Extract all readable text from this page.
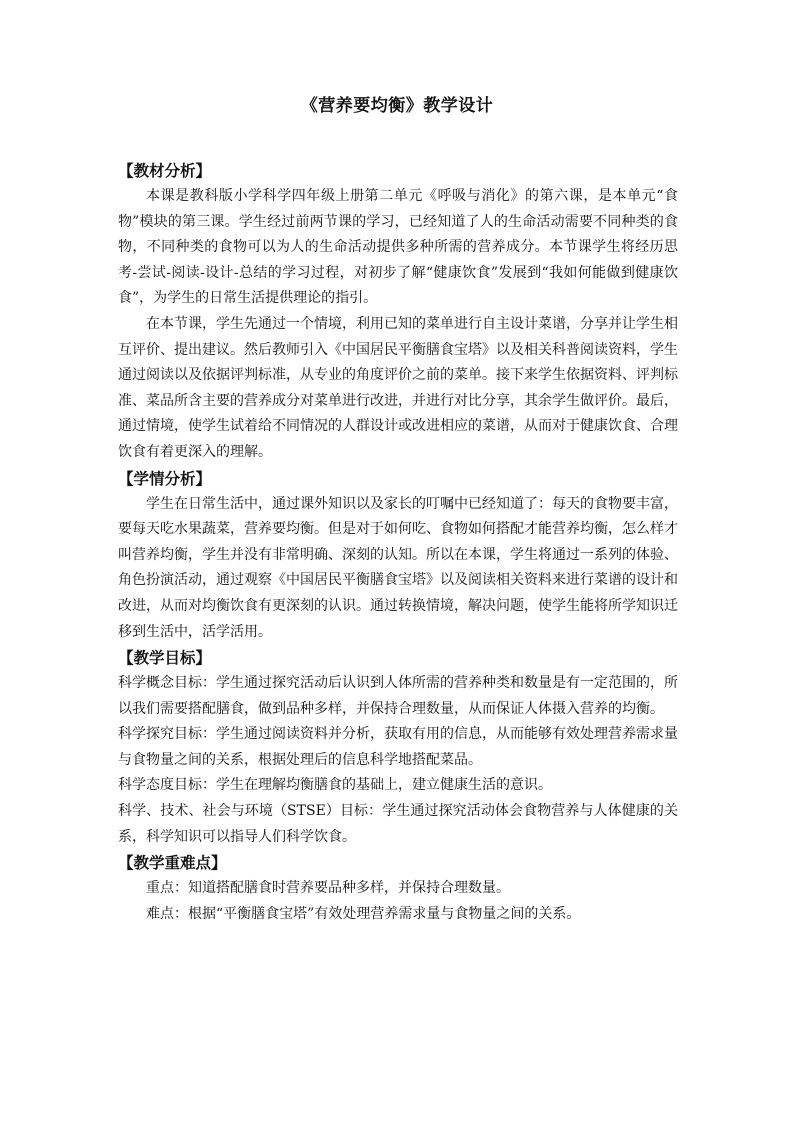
《营养要均衡》教学设计

【教材分析】

本课是教科版小学科学四年级上册第二单元《呼吸与消化》的第六课，是本单元“食物”模块的第三课。学生经过前两节课的学习，已经知道了人的生命活动需要不同种类的食物，不同种类的食物可以为人的生命活动提供多种所需的营养成分。本节课学生将经历思考-尝试-阅读-设计-总结的学习过程，对初步了解“健康饮食”发展到“我如何能做到健康饮食”，为学生的日常生活提供理论的指引。

在本节课，学生先通过一个情境，利用已知的菜单进行自主设计菜谱，分享并让学生相互评价、提出建议。然后教师引入《中国居民平衡膳食宝塔》以及相关科普阅读资料，学生通过阅读以及依据评判标准，从专业的角度评价之前的菜单。接下来学生依据资料、评判标准、菜品所含主要的营养成分对菜单进行改进，并进行对比分享，其余学生做评价。最后，通过情境，使学生试着给不同情况的人群设计或改进相应的菜谱，从而对于健康饮食、合理饮食有着更深入的理解。

【学情分析】

学生在日常生活中，通过课外知识以及家长的叮嘱中已经知道了：每天的食物要丰富，要每天吃水果蔬菜，营养要均衡。但是对于如何吃、食物如何搭配才能营养均衡，怎么样才叫营养均衡，学生并没有非常明确、深刻的认知。所以在本课，学生将通过一系列的体验、角色扮演活动，通过观察《中国居民平衡膳食宝塔》以及阅读相关资料来进行菜谱的设计和改进，从而对均衡饮食有更深刻的认识。通过转换情境，解决问题，使学生能将所学知识迁移到生活中，活学活用。

【教学目标】

科学概念目标：学生通过探究活动后认识到人体所需的营养种类和数量是有一定范围的，所以我们需要搭配膳食，做到品种多样，并保持合理数量，从而保证人体摄入营养的均衡。

科学探究目标：学生通过阅读资料并分析，获取有用的信息，从而能够有效处理营养需求量与食物量之间的关系，根据处理后的信息科学地搭配菜品。

科学态度目标：学生在理解均衡膳食的基础上，建立健康生活的意识。

科学、技术、社会与环境（STSE）目标：学生通过探究活动体会食物营养与人体健康的关系，科学知识可以指导人们科学饮食。

【教学重难点】

重点：知道搭配膳食时营养要品种多样，并保持合理数量。

难点：根据“平衡膳食宝塔”有效处理营养需求量与食物量之间的关系。
